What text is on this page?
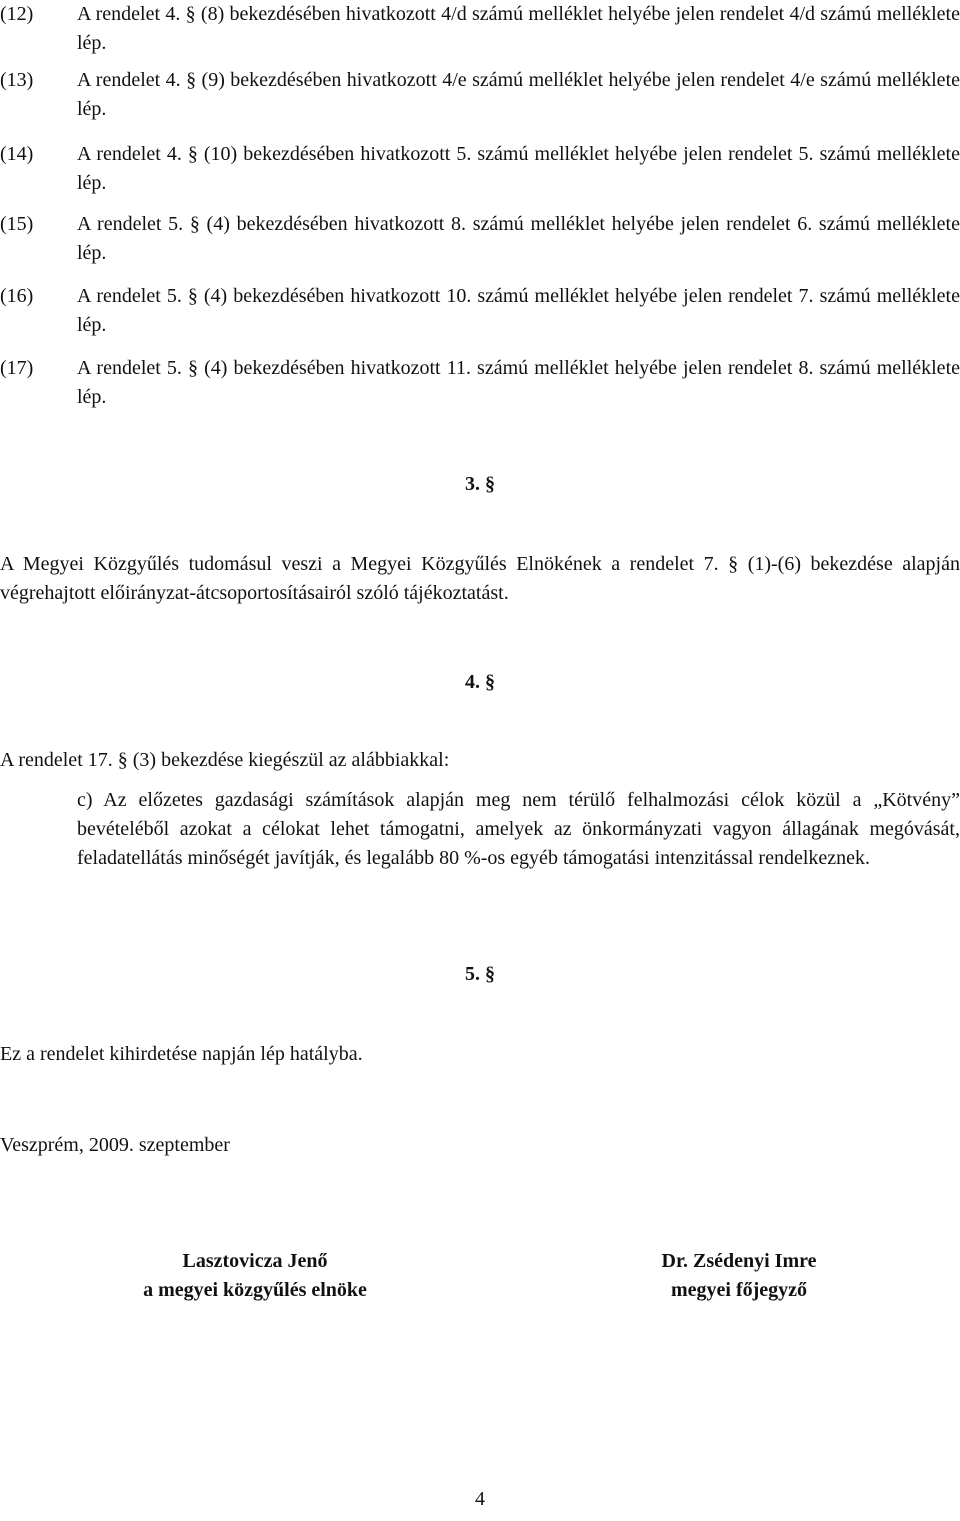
(12) A rendelet 4. § (8) bekezdésében hivatkozott 4/d számú melléklet helyébe jelen rendelet 4/d számú melléklete lép.
(13) A rendelet 4. § (9) bekezdésében hivatkozott 4/e számú melléklet helyébe jelen rendelet 4/e számú melléklete lép.
(14) A rendelet 4. § (10) bekezdésében hivatkozott 5. számú melléklet helyébe jelen rendelet 5. számú melléklete lép.
(15) A rendelet 5. § (4) bekezdésében hivatkozott 8. számú melléklet helyébe jelen rendelet 6. számú melléklete lép.
(16) A rendelet 5. § (4) bekezdésében hivatkozott 10. számú melléklet helyébe jelen rendelet 7. számú melléklete lép.
(17) A rendelet 5. § (4) bekezdésében hivatkozott 11. számú melléklet helyébe jelen rendelet 8. számú melléklete lép.
3. §
A Megyei Közgyűlés tudomásul veszi a Megyei Közgyűlés Elnökének a rendelet 7. § (1)-(6) bekezdése alapján végrehajtott előirányzat-átcsoportosításairól szóló tájékoztatást.
4. §
A rendelet 17. § (3) bekezdése kiegészül az alábbiakkal:
c) Az előzetes gazdasági számítások alapján meg nem térülő felhalmozási célok közül a „Kötvény” bevételéből azokat a célokat lehet támogatni, amelyek az önkormányzati vagyon állagának megóvását, feladatellátás minőségét javítják, és legalább 80 %-os egyéb támogatási intenzitással rendelkeznek.
5. §
Ez a rendelet kihirdetése napján lép hatályba.
Veszprém, 2009. szeptember
Lasztovicza Jenő
a megyei közgyűlés elnöke
Dr. Zsédenyi Imre
megyei főjegyző
4
